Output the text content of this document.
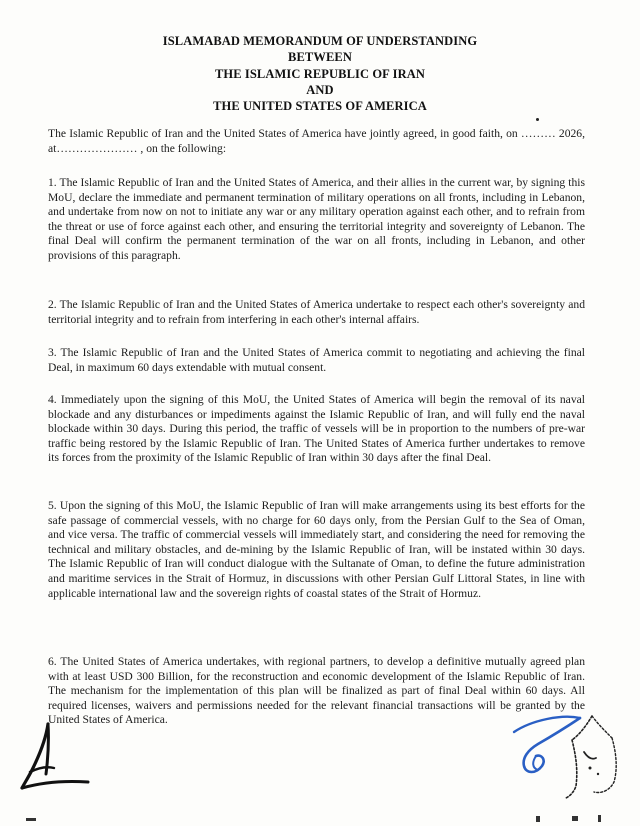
ISLAMABAD MEMORANDUM OF UNDERSTANDING
BETWEEN
THE ISLAMIC REPUBLIC OF IRAN
AND
THE UNITED STATES OF AMERICA

The Islamic Republic of Iran and the United States of America have jointly agreed, in good faith, on ……… 2026, at………………… , on the following:

1. The Islamic Republic of Iran and the United States of America, and their allies in the current war, by signing this MoU, declare the immediate and permanent termination of military operations on all fronts, including in Lebanon, and undertake from now on not to initiate any war or any military operation against each other, and to refrain from the threat or use of force against each other, and ensuring the territorial integrity and sovereignty of Lebanon. The final Deal will confirm the permanent termination of the war on all fronts, including in Lebanon, and other provisions of this paragraph.

2. The Islamic Republic of Iran and the United States of America undertake to respect each other's sovereignty and territorial integrity and to refrain from interfering in each other's internal affairs.

3. The Islamic Republic of Iran and the United States of America commit to negotiating and achieving the final Deal, in maximum 60 days extendable with mutual consent.

4. Immediately upon the signing of this MoU, the United States of America will begin the removal of its naval blockade and any disturbances or impediments against the Islamic Republic of Iran, and will fully end the naval blockade within 30 days. During this period, the traffic of vessels will be in proportion to the numbers of pre-war traffic being restored by the Islamic Republic of Iran. The United States of America further undertakes to remove its forces from the proximity of the Islamic Republic of Iran within 30 days after the final Deal.

5. Upon the signing of this MoU, the Islamic Republic of Iran will make arrangements using its best efforts for the safe passage of commercial vessels, with no charge for 60 days only, from the Persian Gulf to the Sea of Oman, and vice versa. The traffic of commercial vessels will immediately start, and considering the need for removing the technical and military obstacles, and de-mining by the Islamic Republic of Iran, will be instated within 30 days. The Islamic Republic of Iran will conduct dialogue with the Sultanate of Oman, to define the future administration and maritime services in the Strait of Hormuz, in discussions with other Persian Gulf Littoral States, in line with applicable international law and the sovereign rights of coastal states of the Strait of Hormuz.

6. The United States of America undertakes, with regional partners, to develop a definitive mutually agreed plan with at least USD 300 Billion, for the reconstruction and economic development of the Islamic Republic of Iran. The mechanism for the implementation of this plan will be finalized as part of final Deal within 60 days. All required licenses, waivers and permissions needed for the relevant financial transactions will be granted by the United States of America.
